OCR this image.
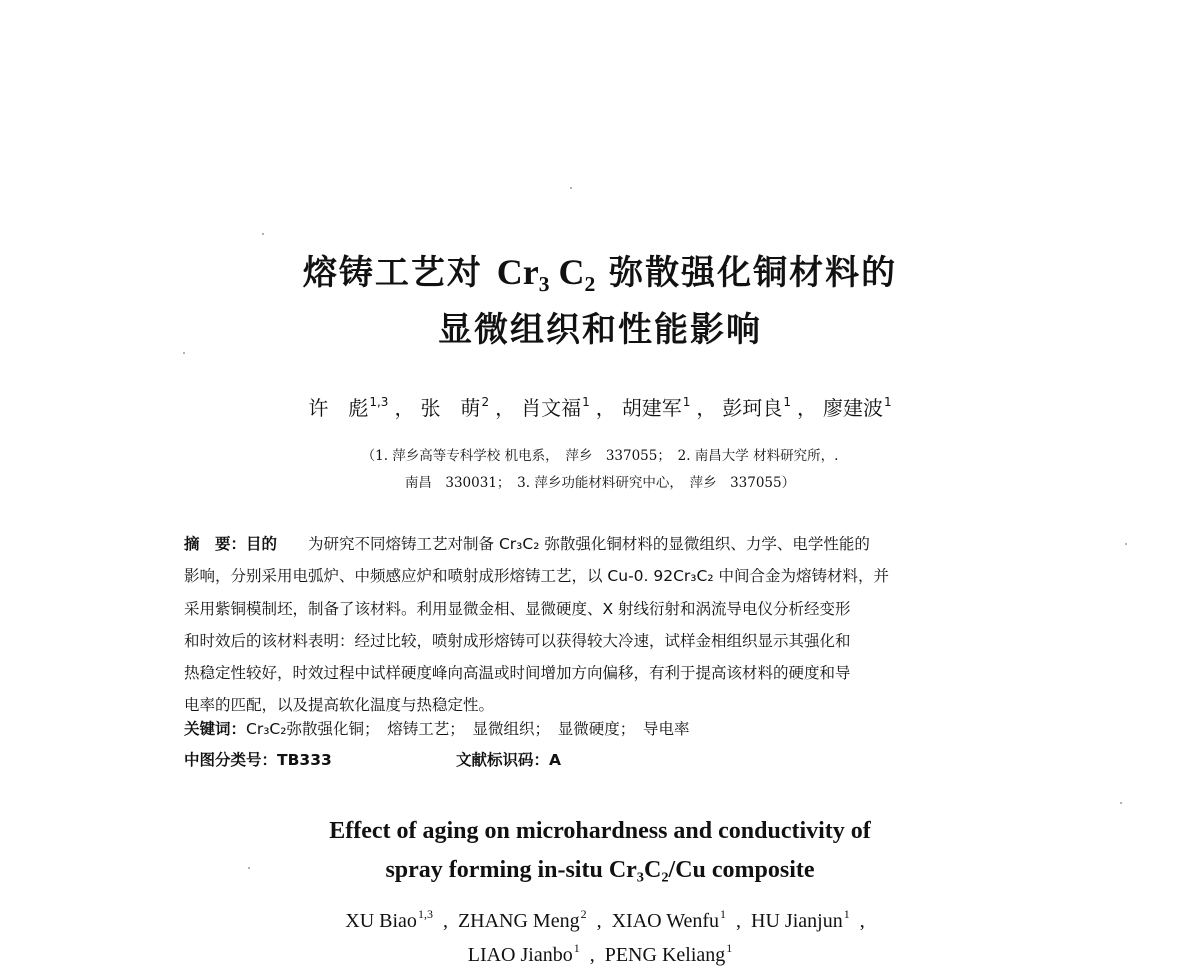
熔铸工艺对 Cr₃ C₂ 弥散强化铜材料的
显微组织和性能影响
许　彪$^{1,3}$ ， 张　萌$^2$ ， 肖文福$^1$ ， 胡建军$^1$ ， 彭珂良$^1$ ， 廖建波$^1$
（1. 萍乡高等专科学校 机电系，　萍乡　337055；　2. 南昌大学 材料研究所，.
南昌　330031；　3. 萍乡功能材料研究中心，　萍乡　337055）
摘　要：目的　　 为研究不同熔铸工艺对制备 Cr₃C₂ 弥散强化铜材料的显微组织、力学、电学性能的
影响，分别采用电弧炉、中频感应炉和喷射成形熔铸工艺，以 Cu-0. 92Cr₃C₂ 中间合金为熔铸材料，并
采用紫铜模制坯，制备了该材料。利用显微金相、显微硬度、X 射线衍射和涡流导电仪分析经变形
和时效后的该材料表明：经过比较，喷射成形熔铸可以获得较大冷速，试样金相组织显示其强化和
热稳定性较好，时效过程中试样硬度峰向高温或时间增加方向偏移，有利于提高该材料的硬度和导
电率的匹配，以及提高软化温度与热稳定性。
关键词：Cr₃C₂弥散强化铜；　熔铸工艺；　显微组织；　显微硬度；　导电率
中图分类号：TB333	文献标识码：A
Effect of aging on microhardness and conductivity of
spray forming in-situ Cr₃C₂/Cu composite
XU Biao$^{1,3}$ , ZHANG Meng$^2$ , XIAO Wenfu$^1$ , HU Jianjun$^1$ ,
LIAO Jianbo$^1$ , PENG Keliang$^1$
